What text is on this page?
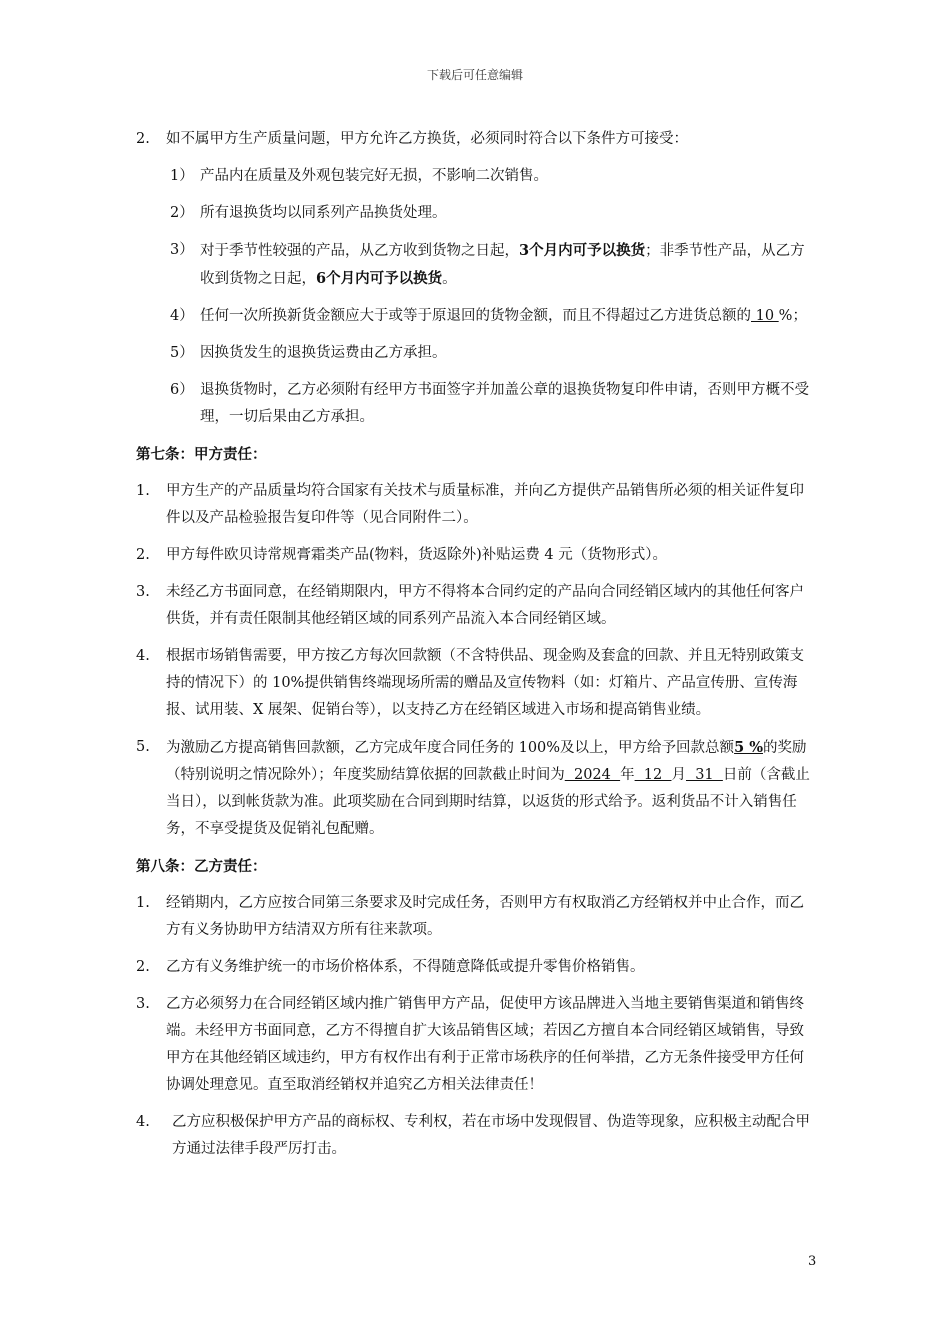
下载后可任意编辑
2.	如不属甲方生产质量问题，甲方允许乙方换货，必须同时符合以下条件方可接受：
1） 产品内在质量及外观包装完好无损，不影响二次销售。
2） 所有退换货均以同系列产品换货处理。
3） 对于季节性较强的产品，从乙方收到货物之日起，3个月内可予以换货；非季节性产品，从乙方收到货物之日起，6个月内可予以换货。
4） 任何一次所换新货金额应大于或等于原退回的货物金额，而且不得超过乙方进货总额的 10 %；
5） 因换货发生的退换货运费由乙方承担。
6） 退换货物时，乙方必须附有经甲方书面签字并加盖公章的退换货物复印件申请，否则甲方概不受理，一切后果由乙方承担。
第七条：甲方责任：
1.	甲方生产的产品质量均符合国家有关技术与质量标准，并向乙方提供产品销售所必须的相关证件复印件以及产品检验报告复印件等（见合同附件二）。
2.	甲方每件欧贝诗常规膏霜类产品(物料，货返除外)补贴运费 4 元（货物形式）。
3.	未经乙方书面同意，在经销期限内，甲方不得将本合同约定的产品向合同经销区域内的其他任何客户供货，并有责任限制其他经销区域的同系列产品流入本合同经销区域。
4.	根据市场销售需要，甲方按乙方每次回款额（不含特供品、现金购及套盒的回款、并且无特别政策支持的情况下）的 10%提供销售终端现场所需的赠品及宣传物料（如：灯箱片、产品宣传册、宣传海报、试用装、X 展架、促销台等），以支持乙方在经销区域进入市场和提高销售业绩。
5.	为激励乙方提高销售回款额，乙方完成年度合同任务的 100%及以上，甲方给予回款总额5 %的奖励（特别说明之情况除外）；年度奖励结算依据的回款截止时间为  2024  年  12  月  31  日前（含截止当日），以到帐货款为准。此项奖励在合同到期时结算，以返货的形式给予。返利货品不计入销售任务，不享受提货及促销礼包配赠。
第八条：乙方责任：
1.	经销期内，乙方应按合同第三条要求及时完成任务，否则甲方有权取消乙方经销权并中止合作，而乙方有义务协助甲方结清双方所有往来款项。
2.	乙方有义务维护统一的市场价格体系，不得随意降低或提升零售价格销售。
3.	乙方必须努力在合同经销区域内推广销售甲方产品，促使甲方该品牌进入当地主要销售渠道和销售终端。未经甲方书面同意，乙方不得擅自扩大该品销售区域；若因乙方擅自本合同经销区域销售，导致甲方在其他经销区域违约，甲方有权作出有利于正常市场秩序的任何举措，乙方无条件接受甲方任何协调处理意见。直至取消经销权并追究乙方相关法律责任！
4.	乙方应积极保护甲方产品的商标权、专利权，若在市场中发现假冒、伪造等现象，应积极主动配合甲方通过法律手段严厉打击。
3
